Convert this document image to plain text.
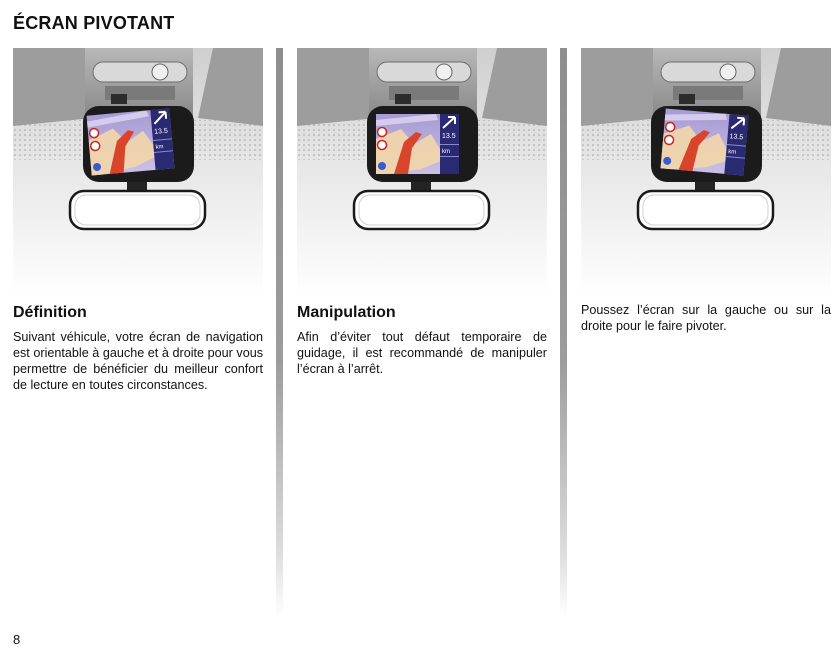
ÉCRAN PIVOTANT
13.5
km
Définition

Suivant véhicule, votre écran de navigation est orientable à gauche et à droite pour vous permettre de bénéficier du meilleur confort de lecture en toutes circonstances.

13.5
km
Manipulation

Afin d’éviter tout défaut temporaire de guidage, il est recommandé de manipuler l’écran à l’arrêt.

13.5
km

Poussez l’écran sur la gauche ou sur la droite pour le faire pivoter.

8
